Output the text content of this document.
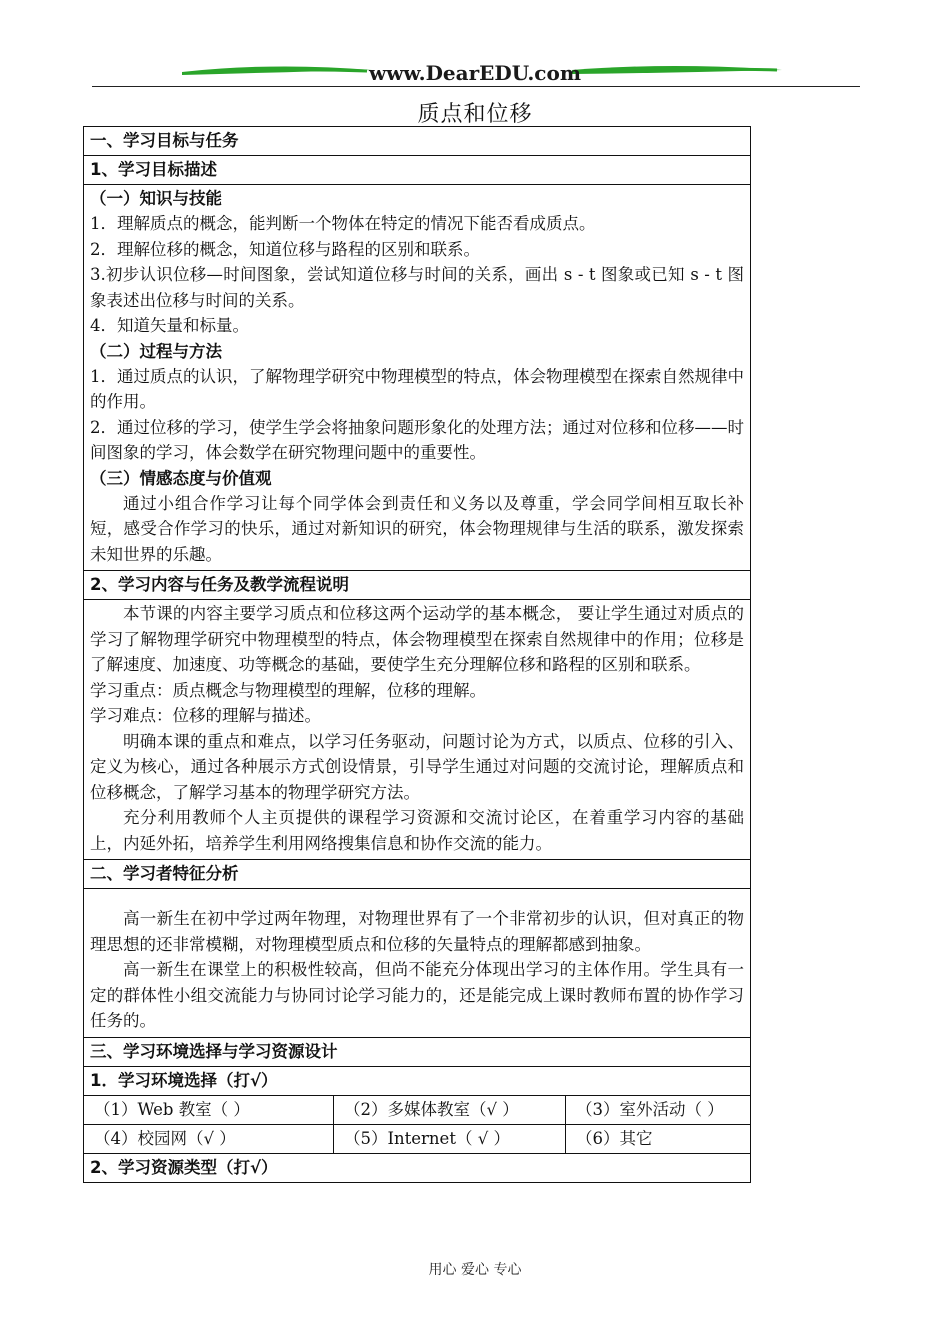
www.DearEDU.com
质点和位移
一、学习目标与任务
1、学习目标描述
（一）知识与技能

1．理解质点的概念，能判断一个物体在特定的情况下能否看成质点。

2．理解位移的概念，知道位移与路程的区别和联系。

3.初步认识位移—时间图象，尝试知道位移与时间的关系，画出 s - t 图象或已知 s - t 图象表述出位移与时间的关系。

4．知道矢量和标量。

（二）过程与方法

1．通过质点的认识，了解物理学研究中物理模型的特点，体会物理模型在探索自然规律中的作用。

2．通过位移的学习，使学生学会将抽象问题形象化的处理方法；通过对位移和位移——时间图象的学习，体会数学在研究物理问题中的重要性。

（三）情感态度与价值观

通过小组合作学习让每个同学体会到责任和义务以及尊重，学会同学间相互取长补短，感受合作学习的快乐，通过对新知识的研究，体会物理规律与生活的联系，激发探索未知世界的乐趣。

2、学习内容与任务及教学流程说明

本节课的内容主要学习质点和位移这两个运动学的基本概念， 要让学生通过对质点的学习了解物理学研究中物理模型的特点，体会物理模型在探索自然规律中的作用；位移是了解速度、加速度、功等概念的基础，要使学生充分理解位移和路程的区别和联系。

学习重点：质点概念与物理模型的理解，位移的理解。

学习难点：位移的理解与描述。

明确本课的重点和难点，以学习任务驱动，问题讨论为方式，以质点、位移的引入、定义为核心，通过各种展示方式创设情景，引导学生通过对问题的交流讨论，理解质点和位移概念，了解学习基本的物理学研究方法。

充分利用教师个人主页提供的课程学习资源和交流讨论区，在着重学习内容的基础上，内延外拓，培养学生利用网络搜集信息和协作交流的能力。

二、学习者特征分析

高一新生在初中学过两年物理，对物理世界有了一个非常初步的认识，但对真正的物理思想的还非常模糊，对物理模型质点和位移的矢量特点的理解都感到抽象。

高一新生在课堂上的积极性较高，但尚不能充分体现出学习的主体作用。学生具有一定的群体性小组交流能力与协同讨论学习能力的，还是能完成上课时教师布置的协作学习任务的。

三、学习环境选择与学习资源设计
1．学习环境选择（打√）
（1）Web 教室（ ）	（2）多媒体教室（√ ）	（3）室外活动（ ）
（4）校园网（√ ）	（5）Internet（ √ ）	（6）其它
2、学习资源类型（打√）
用心 爱心 专心
